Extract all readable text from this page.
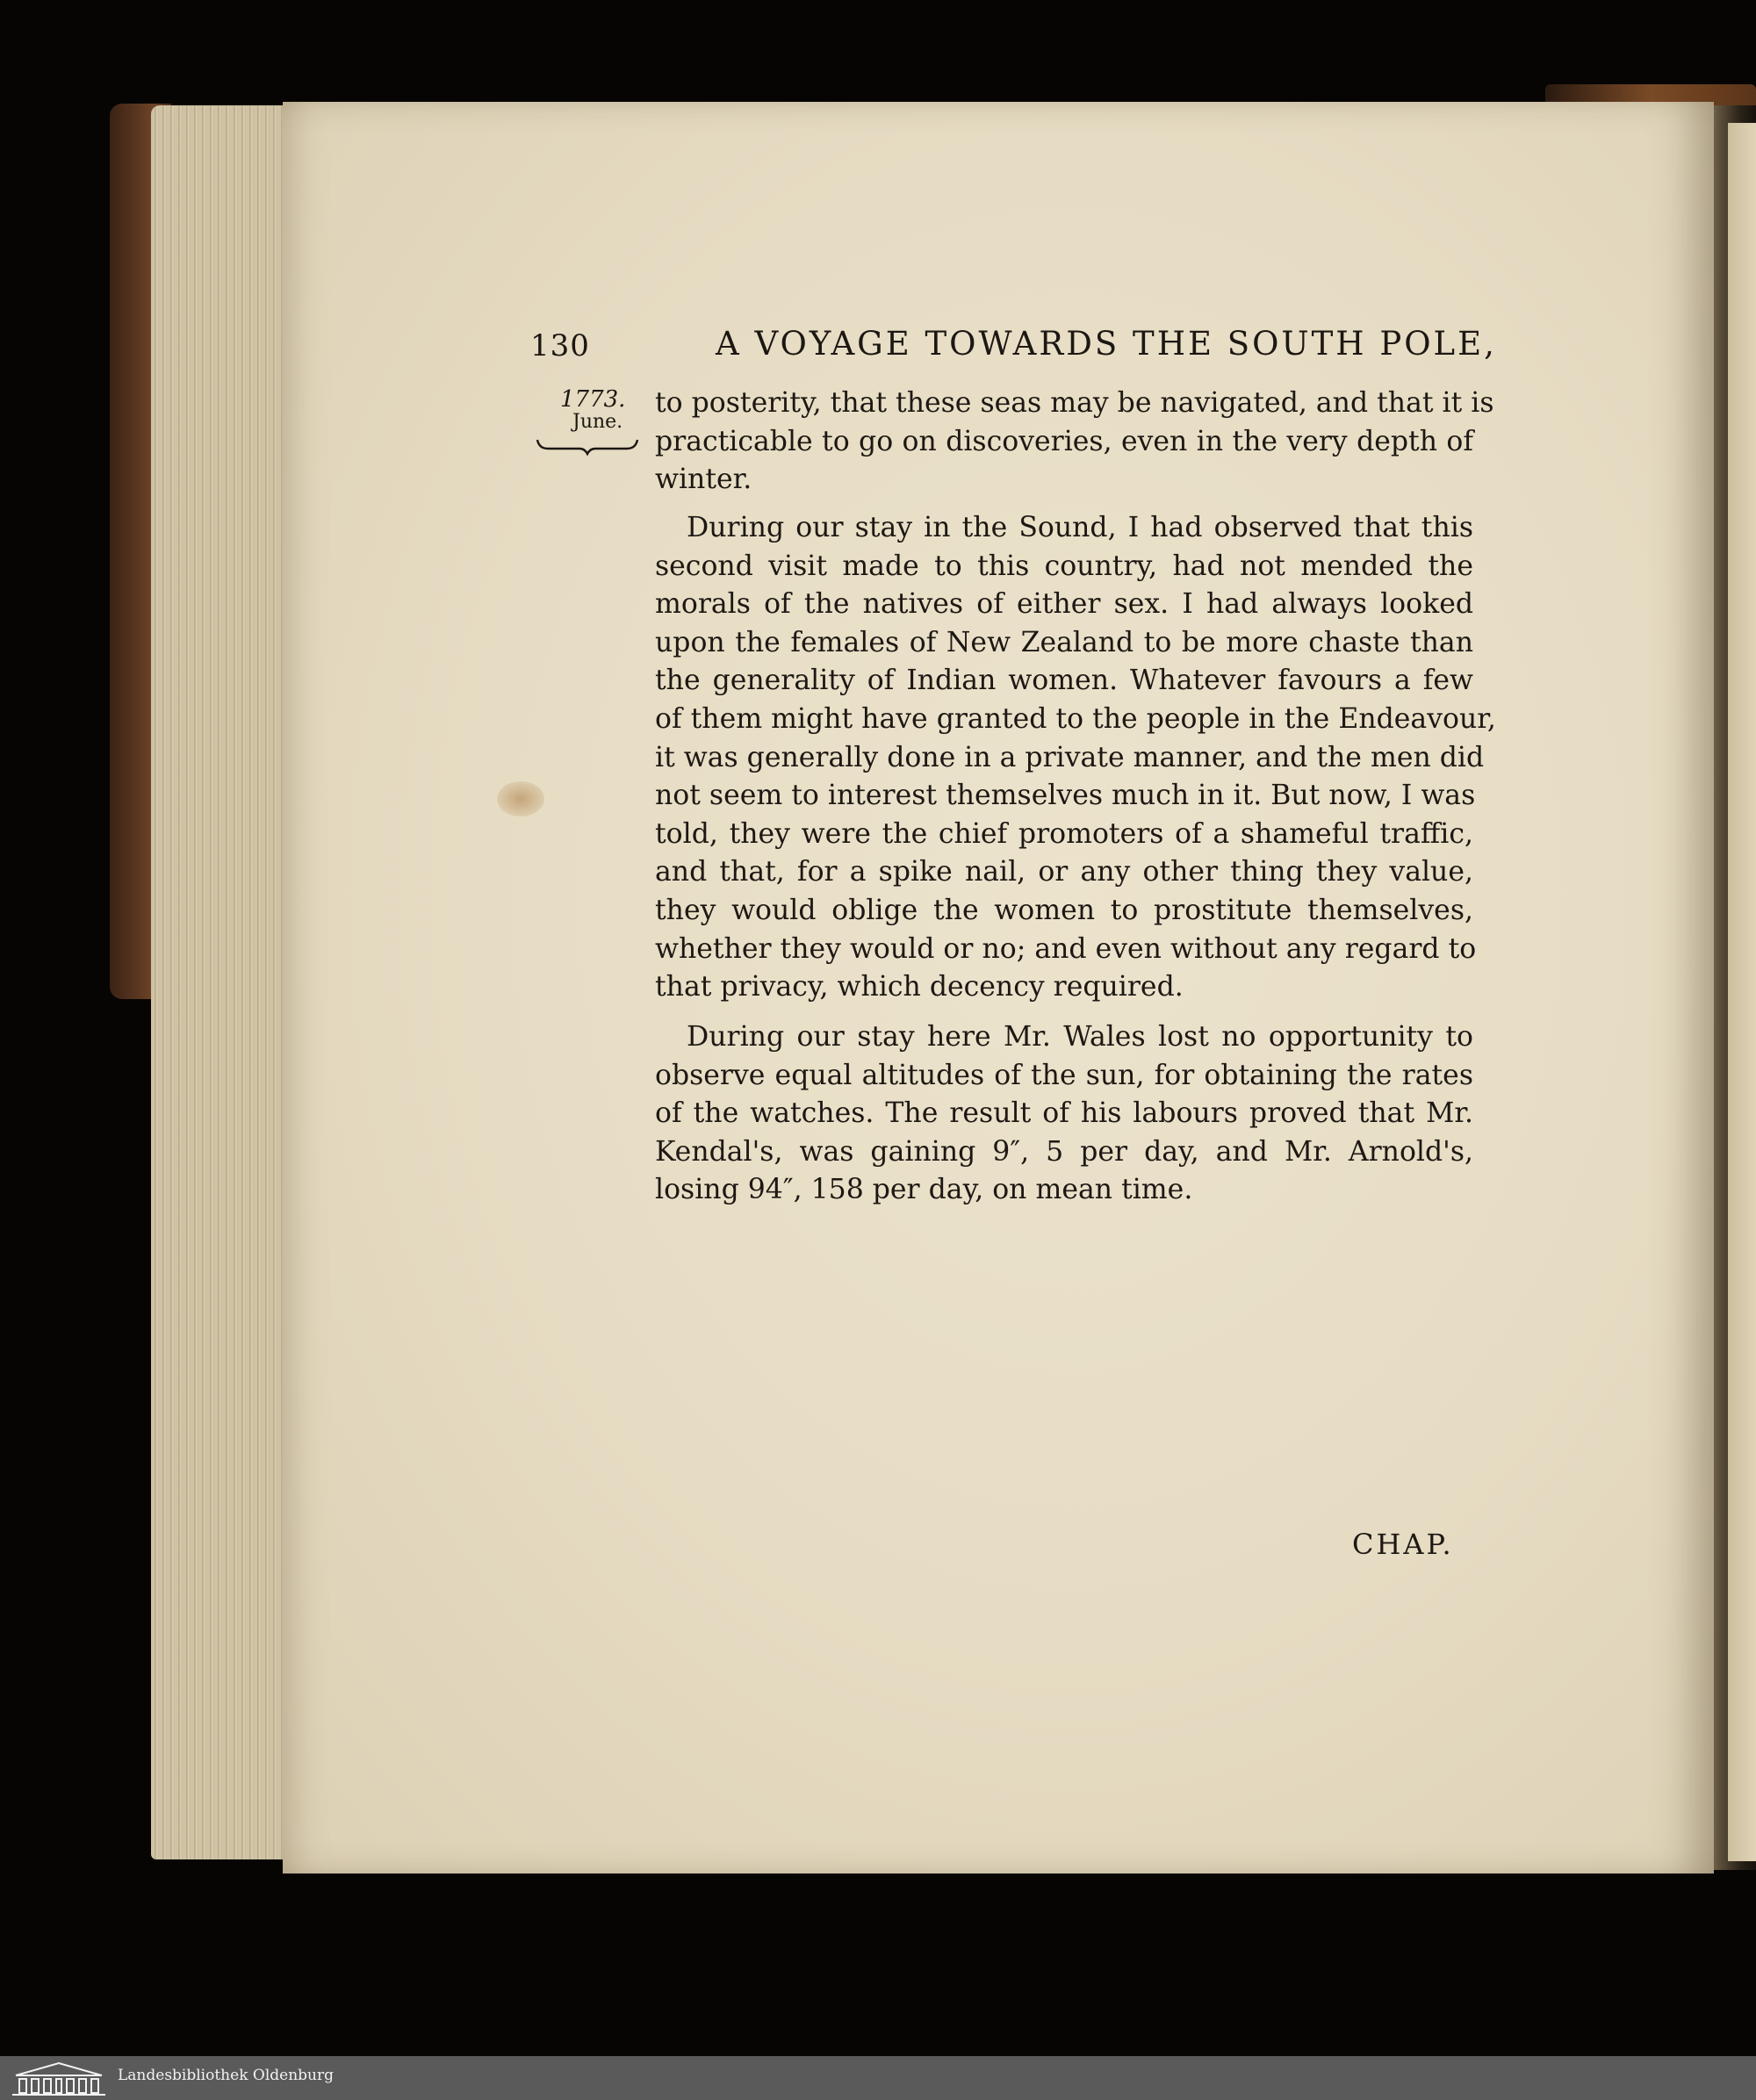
130	A VOYAGE TOWARDS THE SOUTH POLE,
1773.
June.
to posterity, that these seas may be navigated, and that it is
practicable to go on discoveries, even in the very depth of
winter.
During our stay in the Sound, I had observed that this
second visit made to this country, had not mended the
morals of the natives of either sex. I had always looked
upon the females of New Zealand to be more chaste than
the generality of Indian women. Whatever favours a few
of them might have granted to the people in the Endeavour,
it was generally done in a private manner, and the men did
not seem to interest themselves much in it. But now, I was
told, they were the chief promoters of a shameful traffic,
and that, for a spike nail, or any other thing they value,
they would oblige the women to prostitute themselves,
whether they would or no; and even without any regard to
that privacy, which decency required.
During our stay here Mr. Wales lost no opportunity to
observe equal altitudes of the sun, for obtaining the rates
of the watches. The result of his labours proved that Mr.
Kendal's, was gaining 9″, 5 per day, and Mr. Arnold's,
losing 94″, 158 per day, on mean time.
CHAP.
Landesbibliothek Oldenburg
